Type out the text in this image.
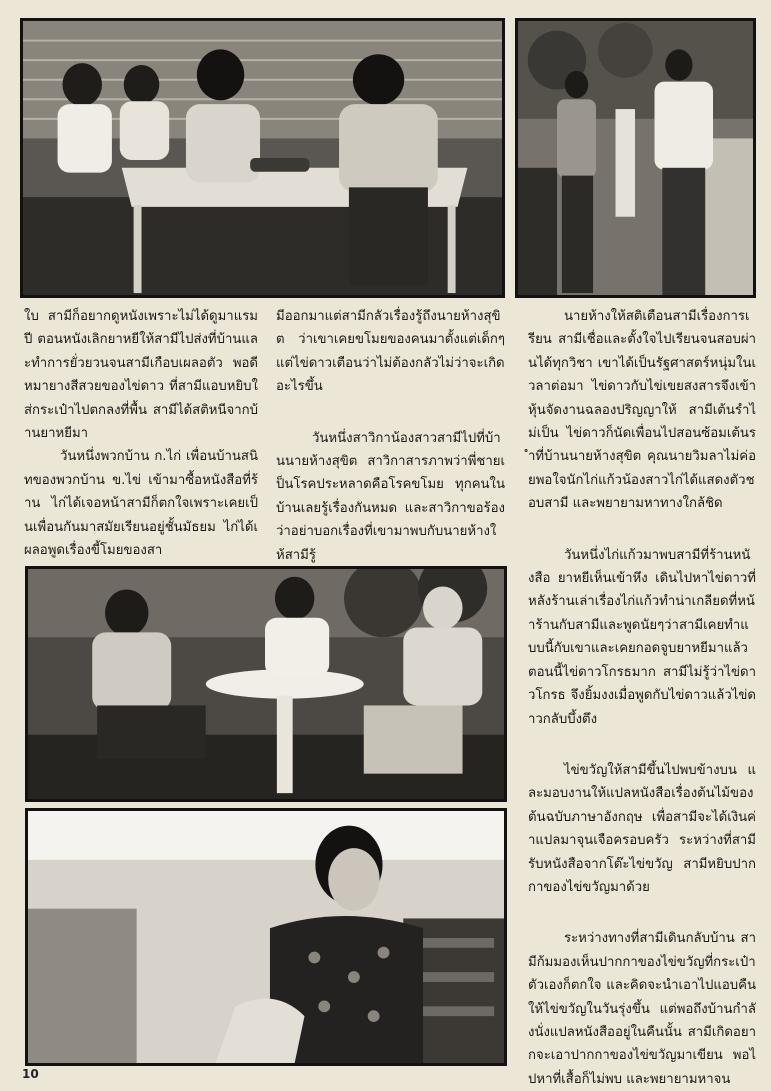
ใบ สามีก็อยากดูหนังเพราะไม่ได้ดูมาแรมปี ตอนหนังเลิกยาหยีให้สามีไปส่งที่บ้านและทำการยั่วยวนจนสามีเกือบเผลอตัว พอดีหมายางสีสวยของไข่ดาว ที่สามีแอบหยิบใส่กระเป๋าไปตกลงที่พื้น สามีได้สติหนีจากบ้านยาหยีมา

วันหนึ่งพวกบ้าน ก.ไก่ เพื่อนบ้านสนิทของพวกบ้าน ข.ไข่ เข้ามาซื้อหนังสือที่ร้าน ไก่ได้เจอหน้าสามีก็ตกใจเพราะเคยเป็นเพื่อนกันมาสมัยเรียนอยู่ชั้นมัธยม ไก่ได้เผลอพูดเรื่องขี้โมยของสา

มีออกมาแต่สามีกลัวเรื่องรู้ถึงนายห้างสุขิต ว่าเขาเคยขโมยของคนมาตั้งแต่เด็กๆ แต่ไข่ดาวเตือนว่าไม่ต้องกลัวไม่ว่าจะเกิดอะไรขึ้น

วันหนึ่งสาวิกาน้องสาวสามีไปที่บ้านนายห้างสุขิต สาวิกาสารภาพว่าพี่ชายเป็นโรคประหลาดคือโรคขโมย ทุกคนในบ้านเลยรู้เรื่องกันหมด และสาวิกาขอร้องว่าอย่าบอกเรื่องที่เขามาพบกับนายห้างให้สามีรู้

นายห้างให้สติเตือนสามีเรื่องการเรียน สามีเชื่อและตั้งใจไปเรียนจนสอบผ่านได้ทุกวิชา เขาได้เป็นรัฐศาสตร์หนุ่มในเวลาต่อมา ไข่ดาวกับไข่เขยสงสารจึงเข้าหุ้นจัดงานฉลองปริญญาให้ สามีเต้นรำไม่เป็น ไข่ดาวก็นัดเพื่อนไปสอนซ้อมเต้นรำที่บ้านนายห้างสุขิต คุณนายวิมลาไม่ค่อยพอใจนักไก่แก้วน้องสาวไก่ได้แสดงตัวชอบสามี และพยายามหาทางใกล้ชิด

วันหนึ่งไก่แก้วมาพบสามีที่ร้านหนังสือ ยาหยีเห็นเข้าหึง เดินไปหาไข่ดาวที่หลังร้านเล่าเรื่องไก่แก้วทำน่าเกลียดที่หน้าร้านกับสามีและพูดนัยๆว่าสามีเคยทำแบบนี้กับเขาและเคยกอดจูบยาหยีมาแล้ว ตอนนี้ไข่ดาวโกรธมาก สามีไม่รู้ว่าไข่ดาวโกรธ จึงยิ้มงงเมื่อพูดกับไข่ดาวแล้วไข่ดาวกลับบึ้งตึง

ไข่ขวัญให้สามีขึ้นไปพบข้างบน และมอบงานให้แปลหนังสือเรื่องต้นไม้ของต้นฉบับภาษาอังกฤษ เพื่อสามีจะได้เงินค่าแปลมาจุนเจือครอบครัว ระหว่างที่สามีรับหนังสือจากโต๊ะไข่ขวัญ สามีหยิบปากกาของไข่ขวัญมาด้วย

ระหว่างทางที่สามีเดินกลับบ้าน สามีก้มมองเห็นปากกาของไข่ขวัญที่กระเป๋าตัวเองก็ตกใจ และคิดจะนำเอาไปแอบคืนให้ไข่ขวัญในวันรุ่งขึ้น แต่พอถึงบ้านกำลังนั่งแปลหนังสืออยู่ในคืนนั้น สามีเกิดอยากจะเอาปากกาของไข่ขวัญมาเขียน พอไปหาที่เสื้อก็ไม่พบ และพยายามหาจน

10
